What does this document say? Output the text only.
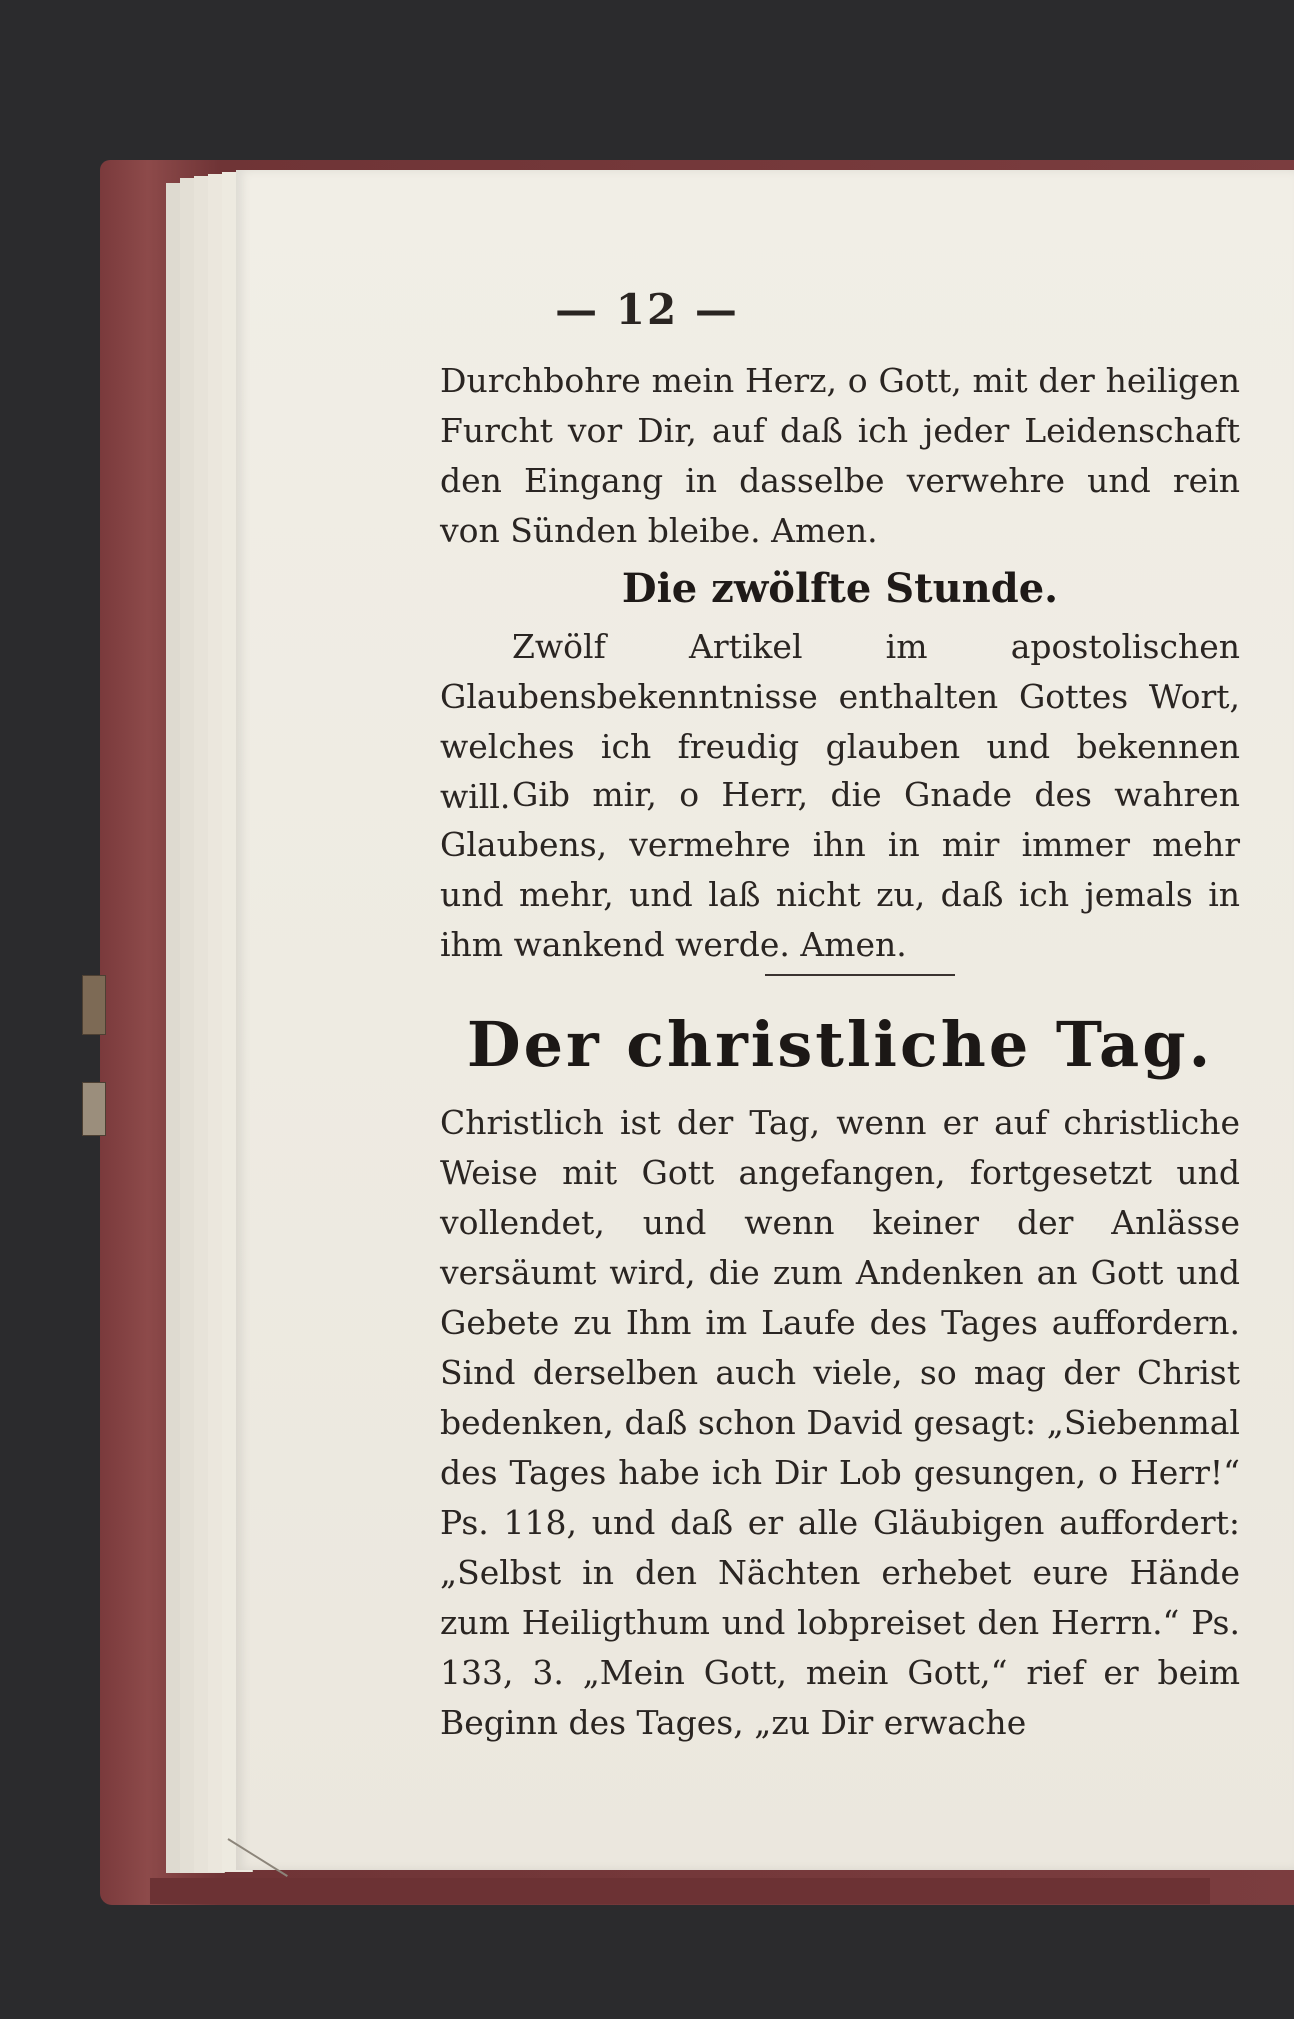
— 12 —
Durchbohre mein Herz, o Gott, mit der heiligen Furcht vor Dir, auf daß ich jeder Leidenschaft den Eingang in dasselbe verwehre und rein von Sünden bleibe. Amen.
Die zwölfte Stunde.
Zwölf Artikel im apostolischen Glaubensbekenntnisse enthalten Gottes Wort, welches ich freudig glauben und bekennen will. Gib mir, o Herr, die Gnade des wahren Glaubens, vermehre ihn in mir immer mehr und mehr, und laß nicht zu, daß ich jemals in ihm wankend werde. Amen.
Der christliche Tag.
Christlich ist der Tag, wenn er auf christliche Weise mit Gott angefangen, fortgesetzt und vollendet, und wenn keiner der Anlässe versäumt wird, die zum Andenken an Gott und Gebete zu Ihm im Laufe des Tages auffordern. Sind derselben auch viele, so mag der Christ bedenken, daß schon David gesagt: „Siebenmal des Tages habe ich Dir Lob gesungen, o Herr!“ Ps. 118, und daß er alle Gläubigen auffordert: „Selbst in den Nächten erhebet eure Hände zum Heiligthum und lobpreiset den Herrn.“ Ps. 133, 3. „Mein Gott, mein Gott,“ rief er beim Beginn des Tages, „zu Dir erwache
